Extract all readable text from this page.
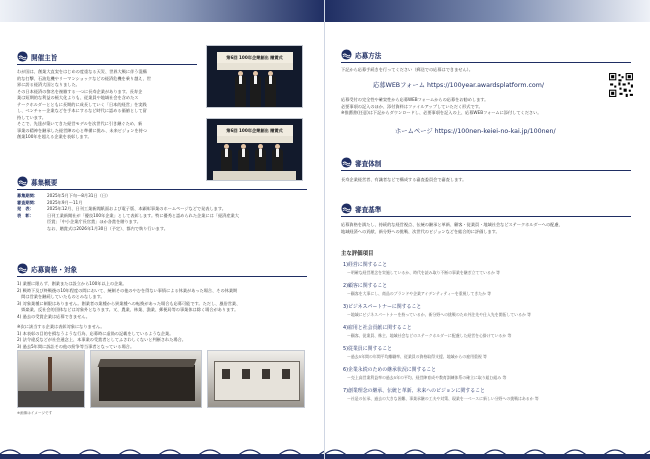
開催主旨
わが国は、創業大直実をはじめの度重なる天災、世界大戦に伴う混構
的な打撃、石油危機やリーマンショックなどの経済危機を乗り越え、世
界に誇る経済大国となりました。
その日本経済の黎名を複雑する一つに長寿企業があります。長寿企
業は短期的な利益の極大化よりも、従業員や地域社会を含めたス
テークホルダーとともに長期的に成長していく「日本的経営」を実践
し、ベンチャー企業などを手本にするなど時代に認める価値として留
持しています。
そこで、先達が築いてきた経営モデルを次世代に引き継ぐため、新
事業の精神を継承した経営陣の心と準備に挑み、未来ビジョンを持つ
創業100年を超える企業を表彰します。
第6回 100年企業創出 贈賞式
第6回 100年企業創出 贈賞式
募集概要
募集期間：	2025年5月下旬～8月31日（日）
審査期間：	2025年9月～11月
発　表：	2025年12月、日刊工業新聞紙面および電子版、本顕彰事業のホームページなどで発表します。
表　彰：	日刊工業新聞社が「優良100年企業」として表彰します。特に優秀と認められた企業には「経済産業大
臣賞」「中小企業庁長官賞」ほか各賞を贈ります。
なお、贈賞式は2026年1月30日（予定）、都内で執り行います。
応募資格・対象
1) 業歴に限らず、創業または設立から100年以上の企業。
2) 戦時下及び終戦後の10年程度の間において、統制その他のやむを得ない事情による休業があった場合、その休業期
　間は営業を継続していたものとみなします。
3) 対象業種に制限はありません。創業者の業種から異業種への転換があった場合も応募可能です。ただし、風俗営業、
　娯楽業、反社会的団体などは対象外となります。又、農業、林業、漁業、郵便局等の事業体は除く場合があります。
4) 過去の受賞企業は応募できません。
※次に該当する企業は表彰対象になりません。
1) 本表彰の目的を損なうような行為、応募時に虚偽の記載をしているような企業。
2) 法令違反などが社会通念上、本事業の受賞者としてふさわしくないと判断された場合。
3) 過去5年間に訴訟その他の紛争等当事者となっている場合。
※画像はイメージです
応募方法
下記から応募手続きを行ってください（郵送での応募はできません）。
応募WEBフォーム https://100year.awardsplatform.com/
応募受付の完全性や確実性から応募WEBフォームからの応募をお勧めします。
必要事項の記入のほか、添付資料はファイルアップしていただく形式です。
※推薦書(任意)は下記からダウンロードし、必要事項を記入の上、応募WEBフォームに添付してください。
ホームページ https://100nen-keiei-no-kai.jp/100nen/
審査体制
長寿企業経営者、有識者などで構成する審査委員会で審査します。
審査基準
応募資格を満たし、持続的な経営視点、伝統の継承と革新、顧客・従業員・地域社会などステークホルダーへの配慮、
地域経済への貢献、新分野への挑戦、次世代のビジョンなどを総合的に評価します。
主な評価項目
1)経営に関すること
ー明確な経営理念を実施しているか、時代を読み取り不断の事業を継ぎ立てているか 等
2)顧客に関すること
ー顧客を大事にし、商品のブランドや企業アイデンティティーを重視してきたか 等
3)ビジネスパートナーに関すること
ー地域にビジネスパートナーを持っているか、新分野への挑戦のため外注先や仕入先を開拓しているか 等
4)雇用と社会貢献に関すること
ー顧客、従業員、株主、地域社会などのステークホルダーに配慮した経営を心掛けているか 等
5)従業員に関すること
ー過去5年間の年間平均離職率、従業員の資格取得支援、地域からの雇用重視 等
6)企業永続のための継承状況に関すること
ー売上高営業利益率の過去5年の平均、経営陣育成や教育訓練体系の確立に取り組む組み 等
7)創業理念の継承、伝統と革新、未来へのビジョンに関すること
ー社是の伝承、過去の大きな困難、事業承継の工夫や対策、現業を一ベースに新しい分野への挑戦はあるか 等
